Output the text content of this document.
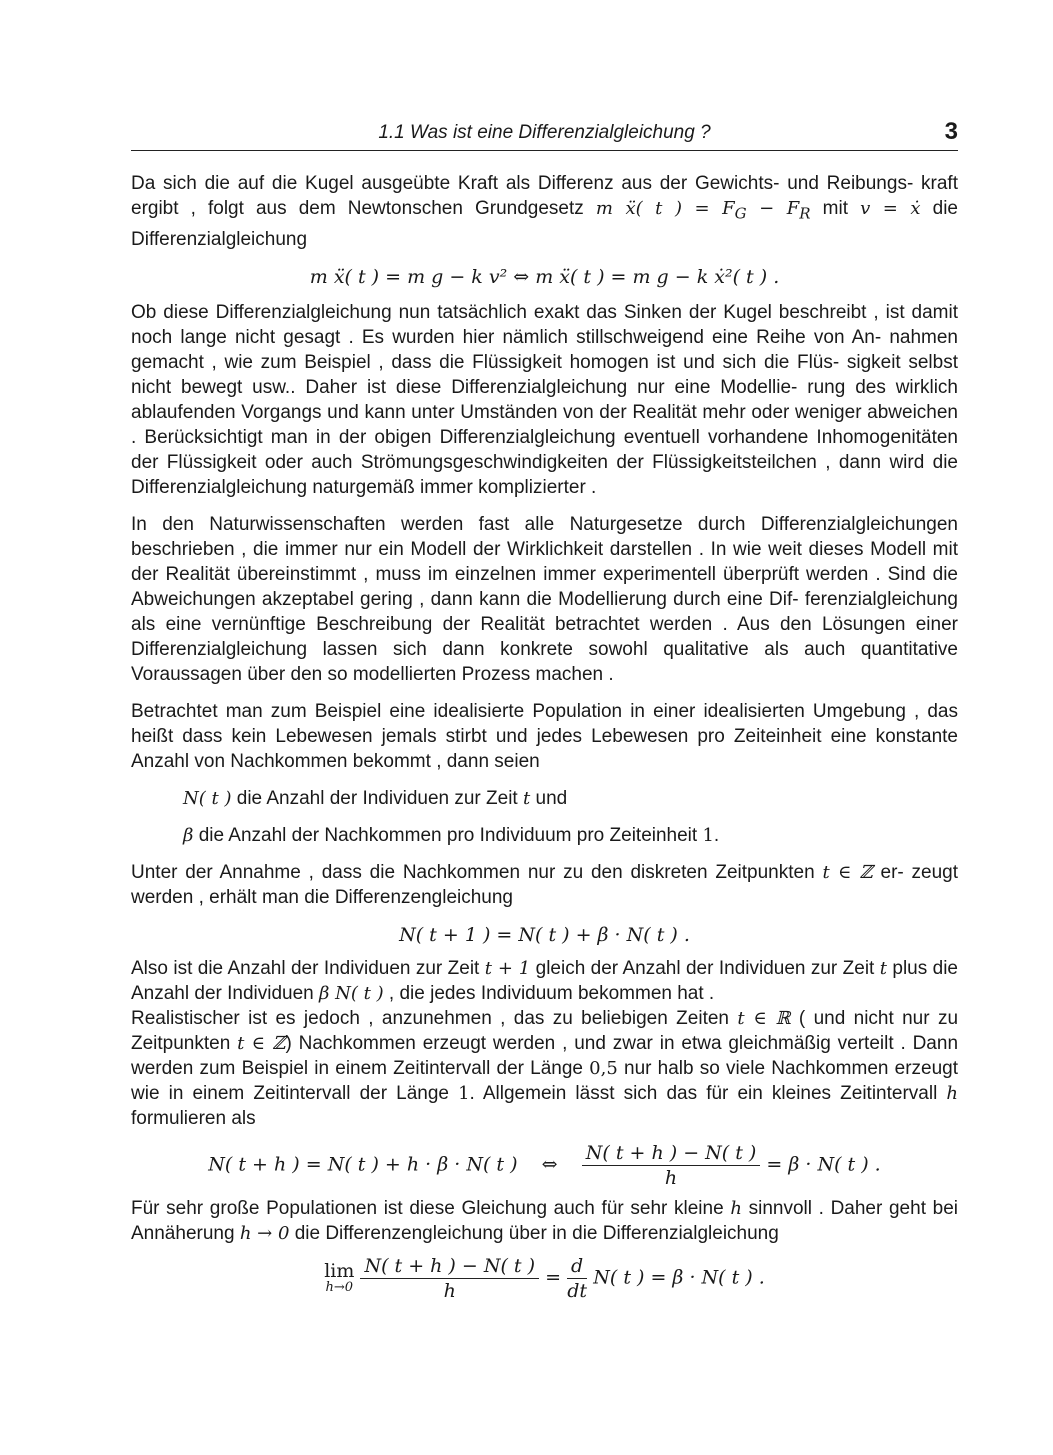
1.1 Was ist eine Differenzialgleichung ?	3

Da sich die auf die Kugel ausgeübte Kraft als Differenz aus der Gewichts- und Reibungs- kraft ergibt , folgt aus dem Newtonschen Grundgesetz m ẍ( t ) = $F_G - F_R$ mit v = ẋ die Differenzialgleichung

m ẍ( t ) = m g − k v² ⇔ m ẍ( t ) = m g − k ẋ²( t ) .

Ob diese Differenzialgleichung nun tatsächlich exakt das Sinken der Kugel beschreibt , ist damit noch lange nicht gesagt . Es wurden hier nämlich stillschweigend eine Reihe von An- nahmen gemacht , wie zum Beispiel , dass die Flüssigkeit homogen ist und sich die Flüs- sigkeit selbst nicht bewegt usw.. Daher ist diese Differenzialgleichung nur eine Modellie- rung des wirklich ablaufenden Vorgangs und kann unter Umständen von der Realität mehr oder weniger abweichen . Berücksichtigt man in der obigen Differenzialgleichung eventuell vorhandene Inhomogenitäten der Flüssigkeit oder auch Strömungsgeschwindigkeiten der Flüssigkeitsteilchen , dann wird die Differenzialgleichung naturgemäß immer komplizierter .

In den Naturwissenschaften werden fast alle Naturgesetze durch Differenzialgleichungen beschrieben , die immer nur ein Modell der Wirklichkeit darstellen . In wie weit dieses Modell mit der Realität übereinstimmt , muss im einzelnen immer experimentell überprüft werden . Sind die Abweichungen akzeptabel gering , dann kann die Modellierung durch eine Dif- ferenzialgleichung als eine vernünftige Beschreibung der Realität betrachtet werden . Aus den Lösungen einer Differenzialgleichung lassen sich dann konkrete sowohl qualitative als auch quantitative Voraussagen über den so modellierten Prozess machen .

Betrachtet man zum Beispiel eine idealisierte Population in einer idealisierten Umgebung , das heißt dass kein Lebewesen jemals stirbt und jedes Lebewesen pro Zeiteinheit eine konstante Anzahl von Nachkommen bekommt , dann seien

N( t ) die Anzahl der Individuen zur Zeit t und
β die Anzahl der Nachkommen pro Individuum pro Zeiteinheit 1.

Unter der Annahme , dass die Nachkommen nur zu den diskreten Zeitpunkten t ∈ ℤ er- zeugt werden , erhält man die Differenzengleichung

N( t + 1 ) = N( t ) + β · N( t ) .

Also ist die Anzahl der Individuen zur Zeit t + 1 gleich der Anzahl der Individuen zur Zeit t plus die Anzahl der Individuen β N( t ) , die jedes Individuum bekommen hat .

Realistischer ist es jedoch , anzunehmen , das zu beliebigen Zeiten t ∈ ℝ ( und nicht nur zu Zeitpunkten t ∈ ℤ) Nachkommen erzeugt werden , und zwar in etwa gleichmäßig verteilt . Dann werden zum Beispiel in einem Zeitintervall der Länge 0,5 nur halb so viele Nachkommen erzeugt wie in einem Zeitintervall der Länge 1. Allgemein lässt sich das für ein kleines Zeitintervall h formulieren als

N( t + h ) = N( t ) + h · β · N( t ) ⇔ $\frac{N( t + h ) - N( t )}{h} = \beta \cdot N$( t ) .

Für sehr große Populationen ist diese Gleichung auch für sehr kleine h sinnvoll . Daher geht bei Annäherung h → 0 die Differenzengleichung über in die Differenzialgleichung

lim
h→0
$\frac{N( t + h ) - N( t )}{h} = \frac{d}{dt} N$( t ) = β · N( t ) .
